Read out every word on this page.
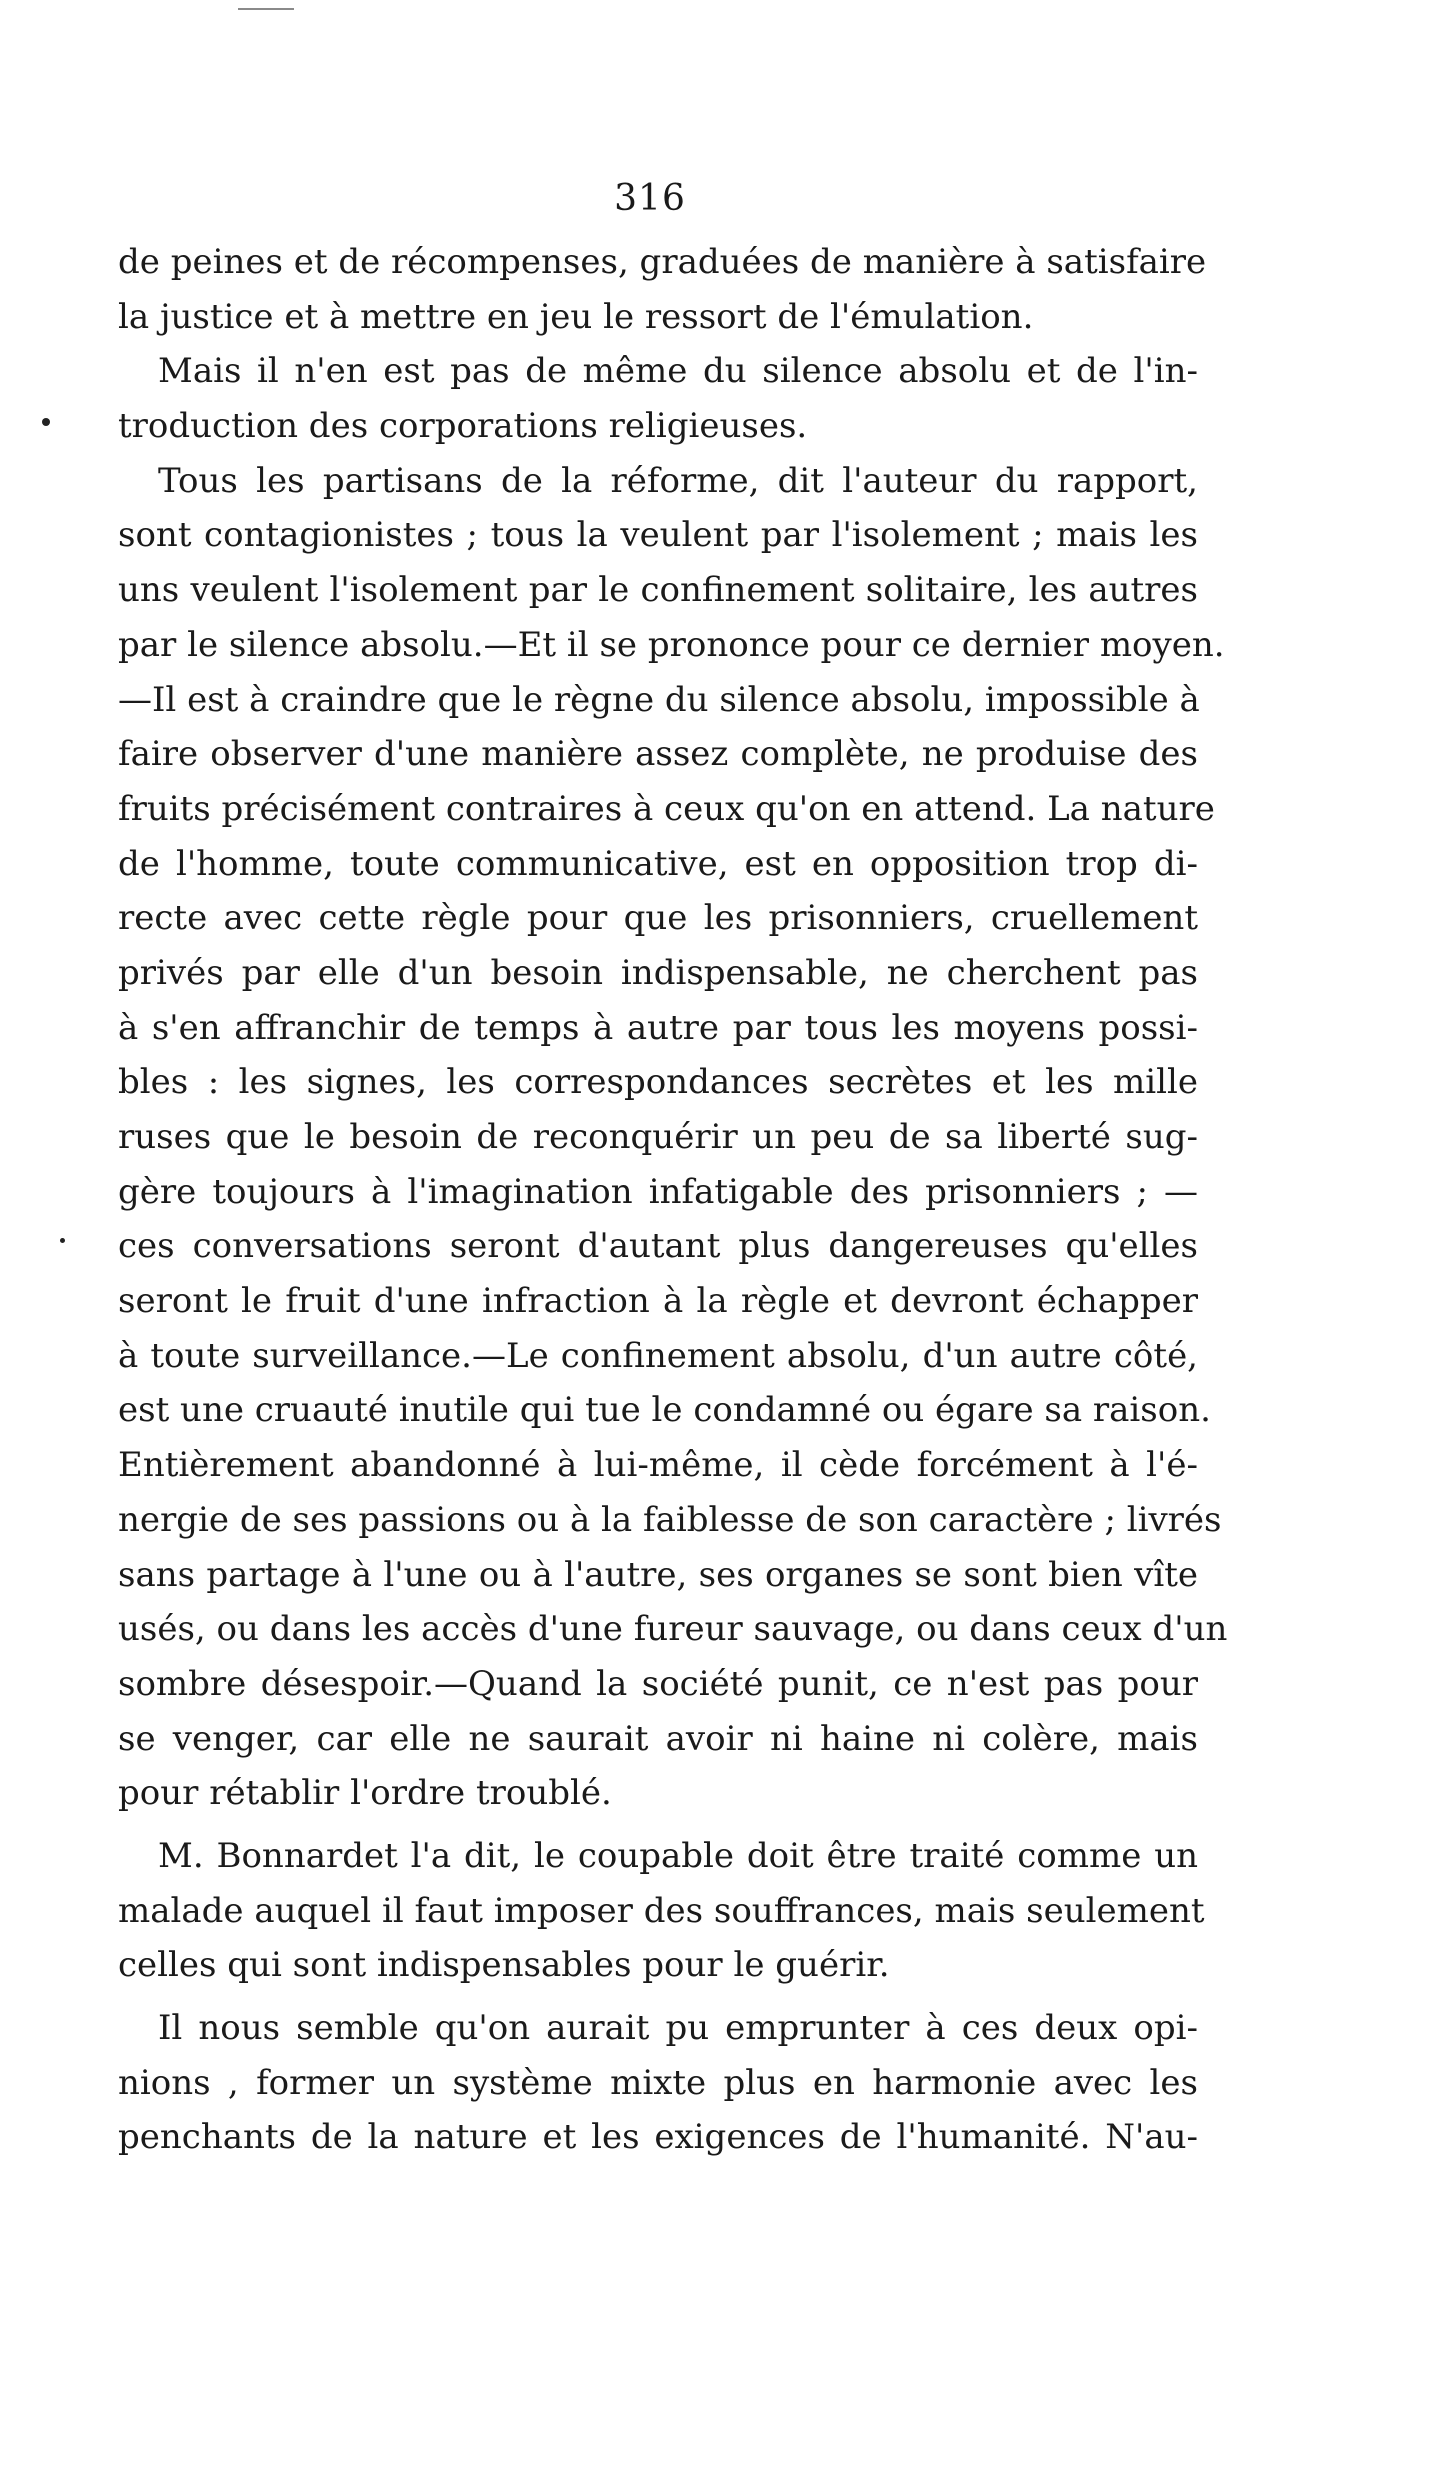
316
de peines et de récompenses, graduées de manière à satisfaire
la justice et à mettre en jeu le ressort de l'émulation.
Mais il n'en est pas de même du silence absolu et de l'in-
troduction des corporations religieuses.
Tous les partisans de la réforme, dit l'auteur du rapport,
sont contagionistes ; tous la veulent par l'isolement ; mais les
uns veulent l'isolement par le confinement solitaire, les autres
par le silence absolu.—Et il se prononce pour ce dernier moyen.
—Il est à craindre que le règne du silence absolu, impossible à
faire observer d'une manière assez complète, ne produise des
fruits précisément contraires à ceux qu'on en attend. La nature
de l'homme, toute communicative, est en opposition trop di-
recte avec cette règle pour que les prisonniers, cruellement
privés par elle d'un besoin indispensable, ne cherchent pas
à s'en affranchir de temps à autre par tous les moyens possi-
bles : les signes, les correspondances secrètes et les mille
ruses que le besoin de reconquérir un peu de sa liberté sug-
gère toujours à l'imagination infatigable des prisonniers ; —
ces conversations seront d'autant plus dangereuses qu'elles
seront le fruit d'une infraction à la règle et devront échapper
à toute surveillance.—Le confinement absolu, d'un autre côté,
est une cruauté inutile qui tue le condamné ou égare sa raison.
Entièrement abandonné à lui-même, il cède forcément à l'é-
nergie de ses passions ou à la faiblesse de son caractère ; livrés
sans partage à l'une ou à l'autre, ses organes se sont bien vîte
usés, ou dans les accès d'une fureur sauvage, ou dans ceux d'un
sombre désespoir.—Quand la société punit, ce n'est pas pour
se venger, car elle ne saurait avoir ni haine ni colère, mais
pour rétablir l'ordre troublé.
M. Bonnardet l'a dit, le coupable doit être traité comme un
malade auquel il faut imposer des souffrances, mais seulement
celles qui sont indispensables pour le guérir.
Il nous semble qu'on aurait pu emprunter à ces deux opi-
nions , former un système mixte plus en harmonie avec les
penchants de la nature et les exigences de l'humanité. N'au-
